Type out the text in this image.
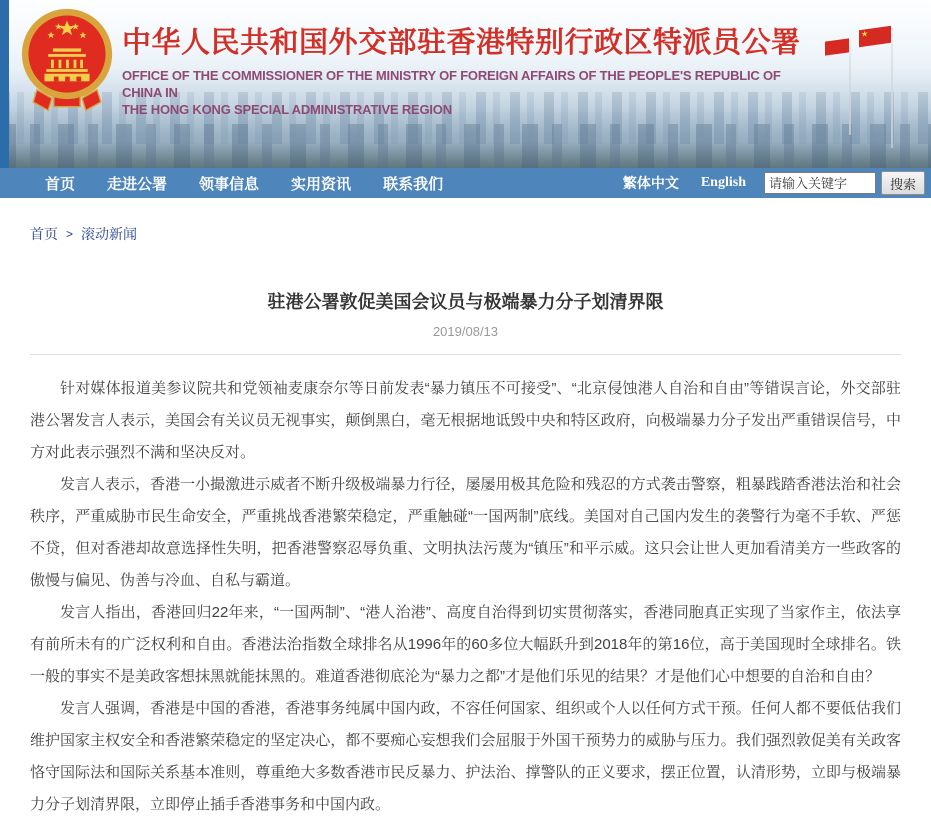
中华人民共和国外交部驻香港特别行政区特派员公署
OFFICE OF THE COMMISSIONER OF THE MINISTRY OF FOREIGN AFFAIRS OF THE PEOPLE'S REPUBLIC OF CHINA IN
THE HONG KONG SPECIAL ADMINISTRATIVE REGION
★
首页 走进公署 领事信息 实用资讯 联系我们	繁体中文 English
请输入关键字	搜索
首页 > 滚动新闻
驻港公署敦促美国会议员与极端暴力分子划清界限
2019/08/13

针对媒体报道美参议院共和党领袖麦康奈尔等日前发表“暴力镇压不可接受”、“北京侵蚀港人自治和自由”等错误言论，外交部驻港公署发言人表示，美国会有关议员无视事实，颠倒黑白，毫无根据地诋毁中央和特区政府，向极端暴力分子发出严重错误信号，中方对此表示强烈不满和坚决反对。

发言人表示，香港一小撮激进示威者不断升级极端暴力行径，屡屡用极其危险和残忍的方式袭击警察，粗暴践踏香港法治和社会秩序，严重威胁市民生命安全，严重挑战香港繁荣稳定，严重触碰“一国两制”底线。美国对自己国内发生的袭警行为毫不手软、严惩不贷，但对香港却故意选择性失明，把香港警察忍辱负重、文明执法污蔑为“镇压”和平示威。这只会让世人更加看清美方一些政客的傲慢与偏见、伪善与冷血、自私与霸道。

发言人指出，香港回归22年来，“一国两制”、“港人治港”、高度自治得到切实贯彻落实，香港同胞真正实现了当家作主，依法享有前所未有的广泛权利和自由。香港法治指数全球排名从1996年的60多位大幅跃升到2018年的第16位，高于美国现时全球排名。铁一般的事实不是美政客想抹黑就能抹黑的。难道香港彻底沦为“暴力之都”才是他们乐见的结果？才是他们心中想要的自治和自由？

发言人强调，香港是中国的香港，香港事务纯属中国内政，不容任何国家、组织或个人以任何方式干预。任何人都不要低估我们维护国家主权安全和香港繁荣稳定的坚定决心，都不要痴心妄想我们会屈服于外国干预势力的威胁与压力。我们强烈敦促美有关政客恪守国际法和国际关系基本准则，尊重绝大多数香港市民反暴力、护法治、撑警队的正义要求，摆正位置，认清形势，立即与极端暴力分子划清界限，立即停止插手香港事务和中国内政。
